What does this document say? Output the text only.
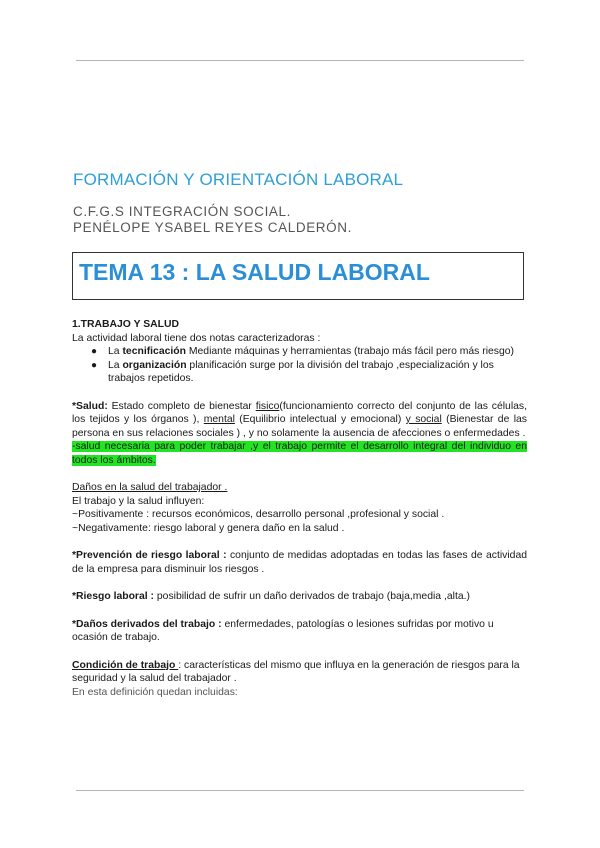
FORMACIÓN Y ORIENTACIÓN LABORAL
C.F.G.S INTEGRACIÓN SOCIAL.
PENÉLOPE YSABEL REYES CALDERÓN.
TEMA 13 : LA SALUD LABORAL

1.TRABAJO Y SALUD

La actividad laboral tiene dos notas caracterizadoras :

● La tecnificación Mediante máquinas y herramientas (trabajo más fácil pero más riesgo)
● La organización planificación surge por la división del trabajo ,especialización y los trabajos repetidos.

*Salud: Estado completo de bienestar fisico(funcionamiento correcto del conjunto de las células, los tejidos y los órganos ), mental (Equilibrio intelectual y emocional) y social (Bienestar de las persona en sus relaciones sociales ) , y no solamente la ausencia de afecciones o enfermedades .

-salud necesaria para poder trabajar ,y el trabajo permite el desarrollo integral del individuo en todos los ámbitos.

Daños en la salud del trabajador .

El trabajo y la salud influyen:

~Positivamente : recursos económicos, desarrollo personal ,profesional y social .

~Negativamente: riesgo laboral y genera daño en la salud .

*Prevención de riesgo laboral : conjunto de medidas adoptadas en todas las fases de actividad de la empresa para disminuir los riesgos .

*Riesgo laboral : posibilidad de sufrir un daño derivados de trabajo (baja,media ,alta.)

*Daños derivados del trabajo : enfermedades, patologías o lesiones sufridas por motivo u ocasión de trabajo.

Condición de trabajo : características del mismo que influya en la generación de riesgos para la seguridad y la salud del trabajador .

En esta definición quedan incluidas:
